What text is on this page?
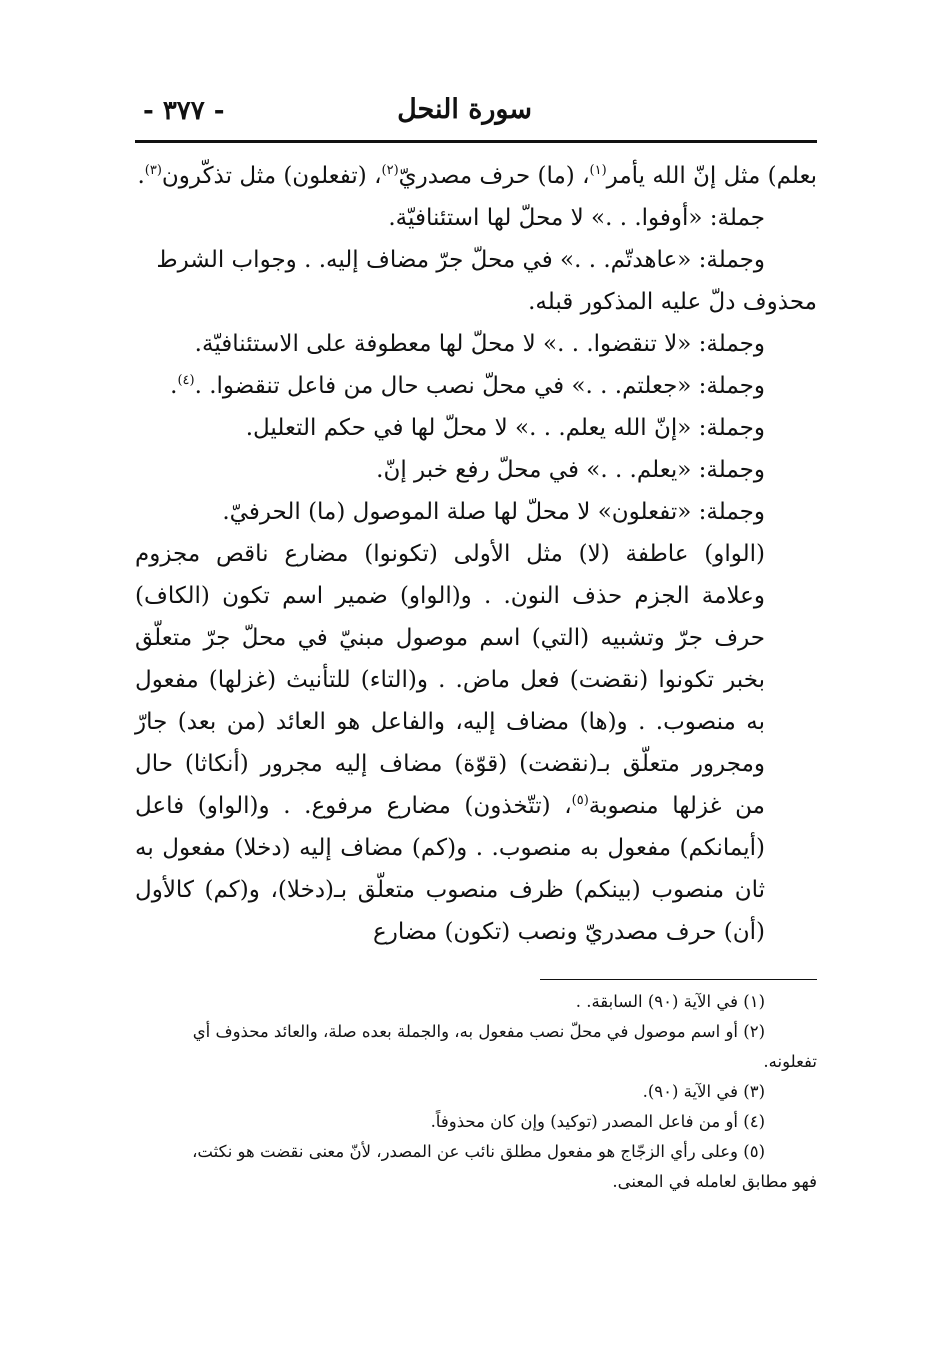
سورة النحل
- ٣٧٧ -

بعلم) مثل إنّ الله يأمر$^{(١)}$، (ما) حرف مصدريّ$^{(٢)}$، (تفعلون) مثل تذكّرون$^{(٣)}$.

جملة: «أوفوا. . .» لا محلّ لها استئنافيّة.

وجملة: «عاهدتّم. . .» في محلّ جرّ مضاف إليه. . وجواب الشرط

محذوف دلّ عليه المذكور قبله.

وجملة: «لا تنقضوا. . .» لا محلّ لها معطوفة على الاستئنافيّة.

وجملة: «جعلتم. . .» في محلّ نصب حال من فاعل تنقضوا. .$^{(٤)}$.

وجملة: «إنّ الله يعلم. . .» لا محلّ لها في حكم التعليل.

وجملة: «يعلم. . .» في محلّ رفع خبر إنّ.

وجملة: «تفعلون» لا محلّ لها صلة الموصول (ما) الحرفيّ.

(الواو) عاطفة (لا) مثل الأولى (تكونوا) مضارع ناقص مجزوم وعلامة الجزم حذف النون. . و(الواو) ضمير اسم تكون (الكاف) حرف جرّ وتشبيه (التي) اسم موصول مبنيّ في محلّ جرّ متعلّق بخبر تكونوا (نقضت) فعل ماض. . و(التاء) للتأنيث (غزلها) مفعول به منصوب. . و(ها) مضاف إليه، والفاعل هو العائد (من بعد) جارّ ومجرور متعلّق بـ(نقضت) (قوّة) مضاف إليه مجرور (أنكاثا) حال من غزلها منصوبة$^{(٥)}$، (تتّخذون) مضارع مرفوع. . و(الواو) فاعل (أيمانكم) مفعول به منصوب. . و(كم) مضاف إليه (دخلا) مفعول به ثان منصوب (بينكم) ظرف منصوب متعلّق بـ(دخلا)، و(كم) كالأول (أن) حرف مصدريّ ونصب (تكون) مضارع

(١) في الآية (٩٠) السابقة. .

(٢) أو اسم موصول في محلّ نصب مفعول به، والجملة بعده صلة، والعائد محذوف أي

تفعلونه.

(٣) في الآية (٩٠).

(٤) أو من فاعل المصدر (توكيد) وإن كان محذوفاً.

(٥) وعلى رأي الزجّاج هو مفعول مطلق نائب عن المصدر، لأنّ معنى نقضت هو نكثت،

فهو مطابق لعامله في المعنى.
